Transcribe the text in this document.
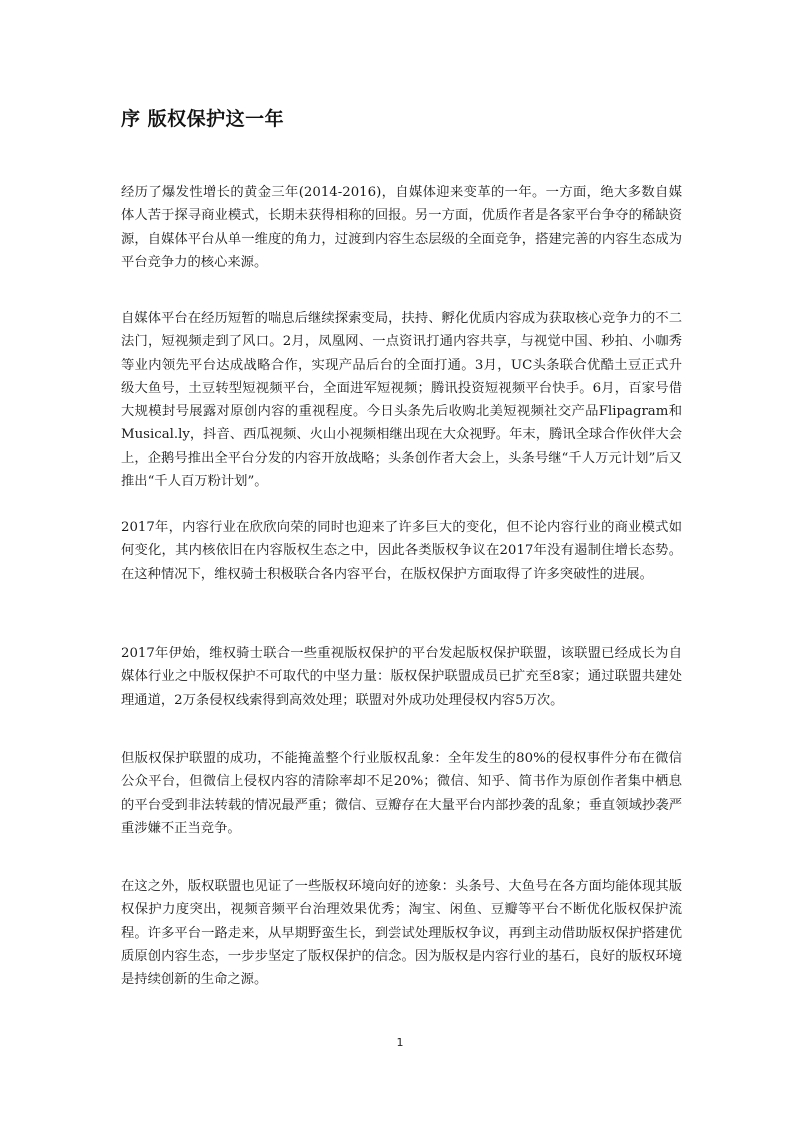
序 版权保护这一年

经历了爆发性增长的黄金三年(2014-2016)，自媒体迎来变革的一年。一方面，绝大多数自媒体人苦于探寻商业模式，长期未获得相称的回报。另一方面，优质作者是各家平台争夺的稀缺资源，自媒体平台从单一维度的角力，过渡到内容生态层级的全面竞争，搭建完善的内容生态成为平台竞争力的核心来源。

自媒体平台在经历短暂的喘息后继续探索变局，扶持、孵化优质内容成为获取核心竞争力的不二法门，短视频走到了风口。2月，凤凰网、一点资讯打通内容共享，与视觉中国、秒拍、小咖秀等业内领先平台达成战略合作，实现产品后台的全面打通。3月，UC头条联合优酷土豆正式升级大鱼号，土豆转型短视频平台，全面进军短视频；腾讯投资短视频平台快手。6月，百家号借大规模封号展露对原创内容的重视程度。今日头条先后收购北美短视频社交产品Flipagram和Musical.ly，抖音、西瓜视频、火山小视频相继出现在大众视野。年末，腾讯全球合作伙伴大会上，企鹅号推出全平台分发的内容开放战略；头条创作者大会上，头条号继“千人万元计划”后又推出“千人百万粉计划”。

2017年，内容行业在欣欣向荣的同时也迎来了许多巨大的变化，但不论内容行业的商业模式如何变化，其内核依旧在内容版权生态之中，因此各类版权争议在2017年没有遏制住增长态势。在这种情况下，维权骑士积极联合各内容平台，在版权保护方面取得了许多突破性的进展。

2017年伊始，维权骑士联合一些重视版权保护的平台发起版权保护联盟，该联盟已经成长为自媒体行业之中版权保护不可取代的中坚力量：版权保护联盟成员已扩充至8家；通过联盟共建处理通道，2万条侵权线索得到高效处理；联盟对外成功处理侵权内容5万次。

但版权保护联盟的成功，不能掩盖整个行业版权乱象：全年发生的80%的侵权事件分布在微信公众平台，但微信上侵权内容的清除率却不足20%；微信、知乎、简书作为原创作者集中栖息的平台受到非法转载的情况最严重；微信、豆瓣存在大量平台内部抄袭的乱象；垂直领域抄袭严重涉嫌不正当竞争。

在这之外，版权联盟也见证了一些版权环境向好的迹象：头条号、大鱼号在各方面均能体现其版权保护力度突出，视频音频平台治理效果优秀；淘宝、闲鱼、豆瓣等平台不断优化版权保护流程。许多平台一路走来，从早期野蛮生长，到尝试处理版权争议，再到主动借助版权保护搭建优质原创内容生态，一步步坚定了版权保护的信念。因为版权是内容行业的基石，良好的版权环境是持续创新的生命之源。

1
